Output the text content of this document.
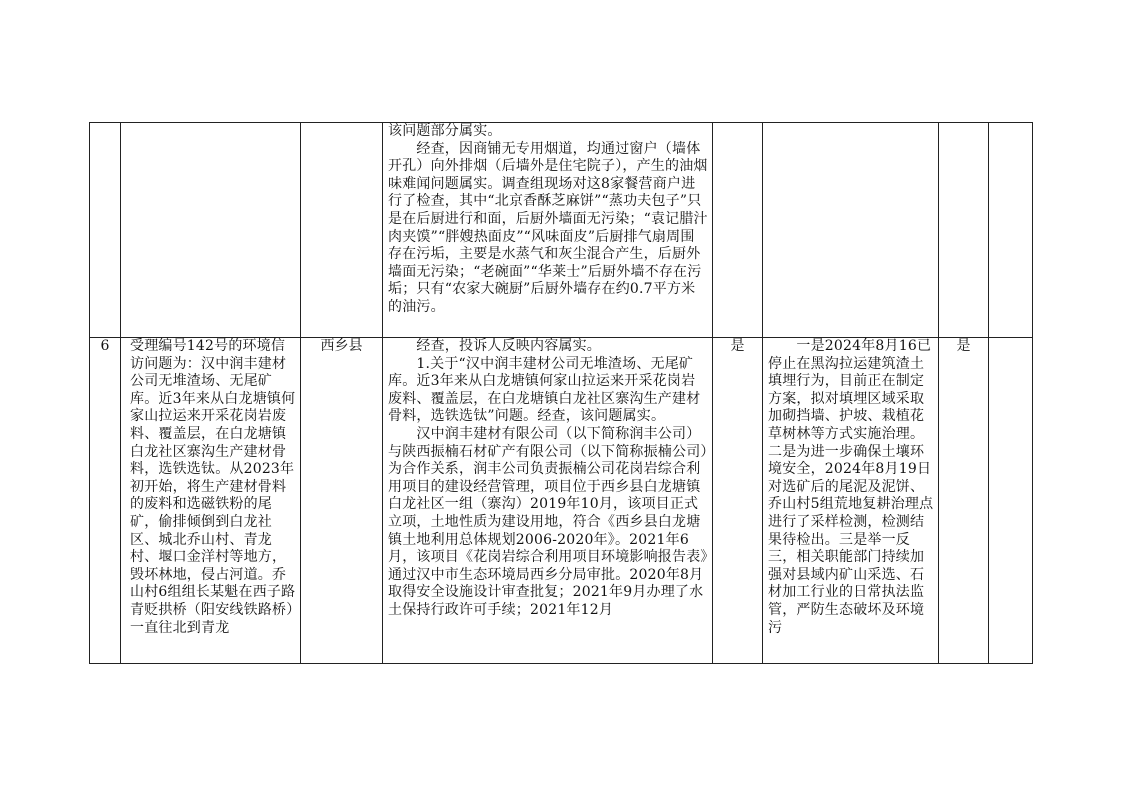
			该问题部分属实。
　　经查，因商铺无专用烟道，均通过窗户（墙体开孔）向外排烟（后墙外是住宅院子），产生的油烟味难闻问题属实。调查组现场对这8家餐营商户进行了检查，其中“北京香酥芝麻饼”“蒸功夫包子”只是在后厨进行和面，后厨外墙面无污染；“袁记腊汁肉夹馍”“胖嫂热面皮”“风味面皮”后厨排气扇周围存在污垢，主要是水蒸气和灰尘混合产生，后厨外墙面无污染；“老碗面”“华莱士”后厨外墙不存在污垢；只有“农家大碗厨”后厨外墙存在约0.7平方米的油污。				

6	受理编号142号的环境信访问题为：汉中润丰建材公司无堆渣场、无尾矿库。近3年来从白龙塘镇何家山拉运来开采花岗岩废料、覆盖层，在白龙塘镇白龙社区寨沟生产建材骨料，选铁选钛。从2023年初开始，将生产建材骨料的废料和选磁铁粉的尾矿，偷排倾倒到白龙社区、城北乔山村、青龙村、堰口金洋村等地方，毁坏林地，侵占河道。乔山村6组组长某魁在西子路青贬拱桥（阳安线铁路桥）一直往北到青龙	西乡县	　　经查，投诉人反映内容属实。
　　1.关于“汉中润丰建材公司无堆渣场、无尾矿库。近3年来从白龙塘镇何家山拉运来开采花岗岩废料、覆盖层，在白龙塘镇白龙社区寨沟生产建材骨料，选铁选钛”问题。经查，该问题属实。
　　汉中润丰建材有限公司（以下简称润丰公司）与陕西振楠石材矿产有限公司（以下简称振楠公司）为合作关系，润丰公司负责振楠公司花岗岩综合利用项目的建设经营管理，项目位于西乡县白龙塘镇白龙社区一组（寨沟）2019年10月，该项目正式立项，土地性质为建设用地，符合《西乡县白龙塘镇土地利用总体规划2006-2020年》。2021年6月，该项目《花岗岩综合利用项目环境影响报告表》通过汉中市生态环境局西乡分局审批。2020年8月取得安全设施设计审查批复；2021年9月办理了水土保持行政许可手续；2021年12月	是	　　一是2024年8月16已停止在黑沟拉运建筑渣土填埋行为，目前正在制定方案，拟对填埋区域采取加砌挡墙、护坡、栽植花草树林等方式实施治理。二是为进一步确保土壤环境安全，2024年8月19日对选矿后的尾泥及泥饼、乔山村5组荒地复耕治理点进行了采样检测，检测结果待检出。三是举一反三，相关职能部门持续加强对县域内矿山采选、石材加工行业的日常执法监管，严防生态破坏及环境污	是	
